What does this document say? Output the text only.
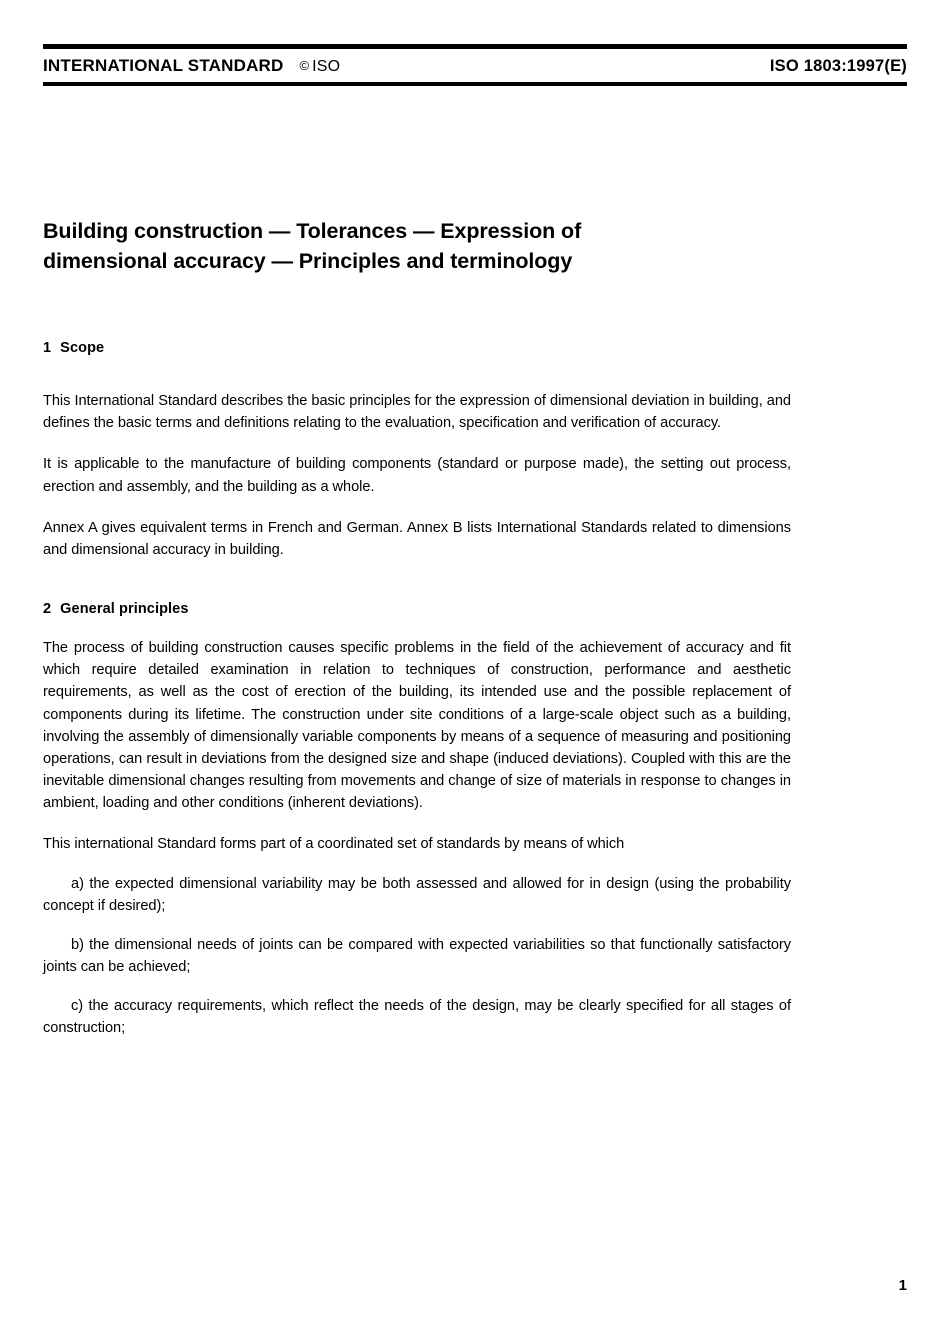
INTERNATIONAL STANDARD © ISO	ISO 1803:1997(E)
Building construction — Tolerances — Expression of
dimensional accuracy — Principles and terminology
1 Scope

This International Standard describes the basic principles for the expression of dimensional deviation in building, and defines the basic terms and definitions relating to the evaluation, specification and verification of accuracy.

It is applicable to the manufacture of building components (standard or purpose made), the setting out process, erection and assembly, and the building as a whole.

Annex A gives equivalent terms in French and German. Annex B lists International Standards related to dimensions and dimensional accuracy in building.

2 General principles

The process of building construction causes specific problems in the field of the achievement of accuracy and fit which require detailed examination in relation to techniques of construction, performance and aesthetic requirements, as well as the cost of erection of the building, its intended use and the possible replacement of components during its lifetime. The construction under site conditions of a large-scale object such as a building, involving the assembly of dimensionally variable components by means of a sequence of measuring and positioning operations, can result in deviations from the designed size and shape (induced deviations). Coupled with this are the inevitable dimensional changes resulting from movements and change of size of materials in response to changes in ambient, loading and other conditions (inherent deviations).

This international Standard forms part of a coordinated set of standards by means of which

a) the expected dimensional variability may be both assessed and allowed for in design (using the probability concept if desired);

b) the dimensional needs of joints can be compared with expected variabilities so that functionally satisfactory joints can be achieved;

c) the accuracy requirements, which reflect the needs of the design, may be clearly specified for all stages of construction;

1
